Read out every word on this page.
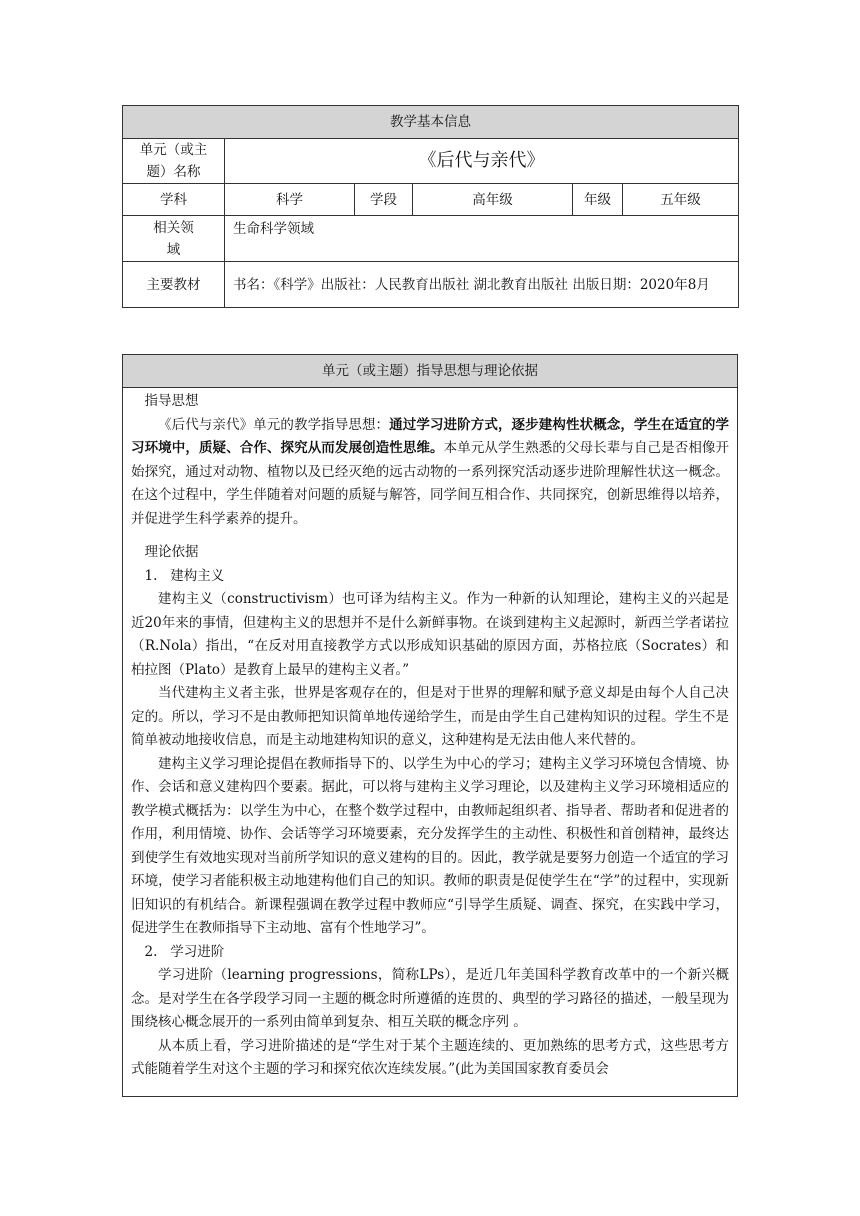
教学基本信息					
单元（或主题）名称	《后代与亲代》				
学科	科学	学段	高年级	年级	五年级
相关领域	生命科学领域				
主要教材	书名：《科学》出版社：人民教育出版社 湖北教育出版社 出版日期：2020年8月				
单元（或主题）指导思想与理论依据

指导思想

《后代与亲代》单元的教学指导思想：通过学习进阶方式，逐步建构性状概念，学生在适宜的学习环境中，质疑、合作、探究从而发展创造性思维。本单元从学生熟悉的父母长辈与自己是否相像开始探究，通过对动物、植物以及已经灭绝的远古动物的一系列探究活动逐步进阶理解性状这一概念。在这个过程中，学生伴随着对问题的质疑与解答，同学间互相合作、共同探究，创新思维得以培养，并促进学生科学素养的提升。

理论依据

1.   建构主义

建构主义（constructivism）也可译为结构主义。作为一种新的认知理论，建构主义的兴起是近20年来的事情，但建构主义的思想并不是什么新鲜事物。在谈到建构主义起源时，新西兰学者诺拉（R.Nola）指出，“在反对用直接教学方式以形成知识基础的原因方面，苏格拉底（Socrates）和柏拉图（Plato）是教育上最早的建构主义者。”

当代建构主义者主张，世界是客观存在的，但是对于世界的理解和赋予意义却是由每个人自己决定的。所以，学习不是由教师把知识简单地传递给学生，而是由学生自己建构知识的过程。学生不是简单被动地接收信息，而是主动地建构知识的意义，这种建构是无法由他人来代替的。

建构主义学习理论提倡在教师指导下的、以学生为中心的学习；建构主义学习环境包含情境、协作、会话和意义建构四个要素。据此，可以将与建构主义学习理论，以及建构主义学习环境相适应的教学模式概括为：以学生为中心，在整个数学过程中，由教师起组织者、指导者、帮助者和促进者的作用，利用情境、协作、会话等学习环境要素，充分发挥学生的主动性、积极性和首创精神，最终达到使学生有效地实现对当前所学知识的意义建构的目的。因此，教学就是要努力创造一个适宜的学习环境，使学习者能积极主动地建构他们自己的知识。教师的职责是促使学生在“学”的过程中，实现新旧知识的有机结合。新课程强调在教学过程中教师应“引导学生质疑、调查、探究，在实践中学习，促进学生在教师指导下主动地、富有个性地学习”。

2.   学习进阶

学习进阶（learning progressions，简称LPs），是近几年美国科学教育改革中的一个新兴概念。是对学生在各学段学习同一主题的概念时所遵循的连贯的、典型的学习路径的描述，一般呈现为围绕核心概念展开的一系列由简单到复杂、相互关联的概念序列 。

从本质上看，学习进阶描述的是“学生对于某个主题连续的、更加熟练的思考方式，这些思考方式能随着学生对这个主题的学习和探究依次连续发展。”(此为美国国家教育委员会
